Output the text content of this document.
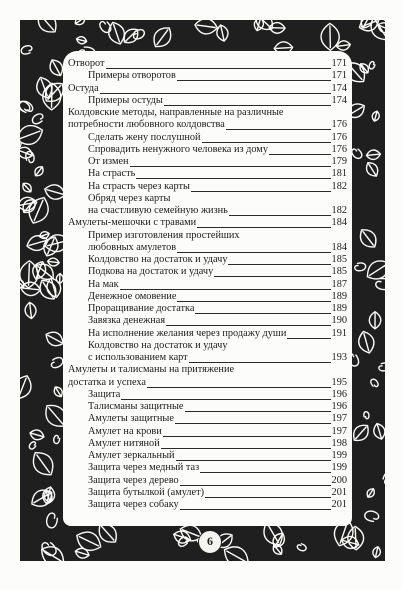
Отворот	171
Примеры отворотов	171
Остуда	174
Примеры остуды	174
Колдовские методы, направленные на различные
потребности любовного колдовства	176
Сделать жену послушной	176
Спровадить ненужного человека из дому	176
От измен	179
На страсть	181
На страсть через карты	182
Обряд через карты
на счастливую семейную жизнь	182
Амулеты-мешочки с травами	184
Пример изготовления простейших
любовных амулетов	184
Колдовство на достаток и удачу	185
Подкова на достаток и удачу	185
На мак	187
Денежное омовение	189
Проращивание достатка	189
Завязка денежная	190
На исполнение желания через продажу души	191
Колдовство на достаток и удачу
с использованием карт	193
Амулеты и талисманы на притяжение
достатка и успеха	195
Защита	196
Талисманы защитные	196
Амулеты защитные	197
Амулет на крови	197
Амулет нитяной	198
Амулет зеркальный	199
Защита через медный таз	199
Защита через дерево	200
Защита бутылкой (амулет)	201
Защита через собаку	201
6
